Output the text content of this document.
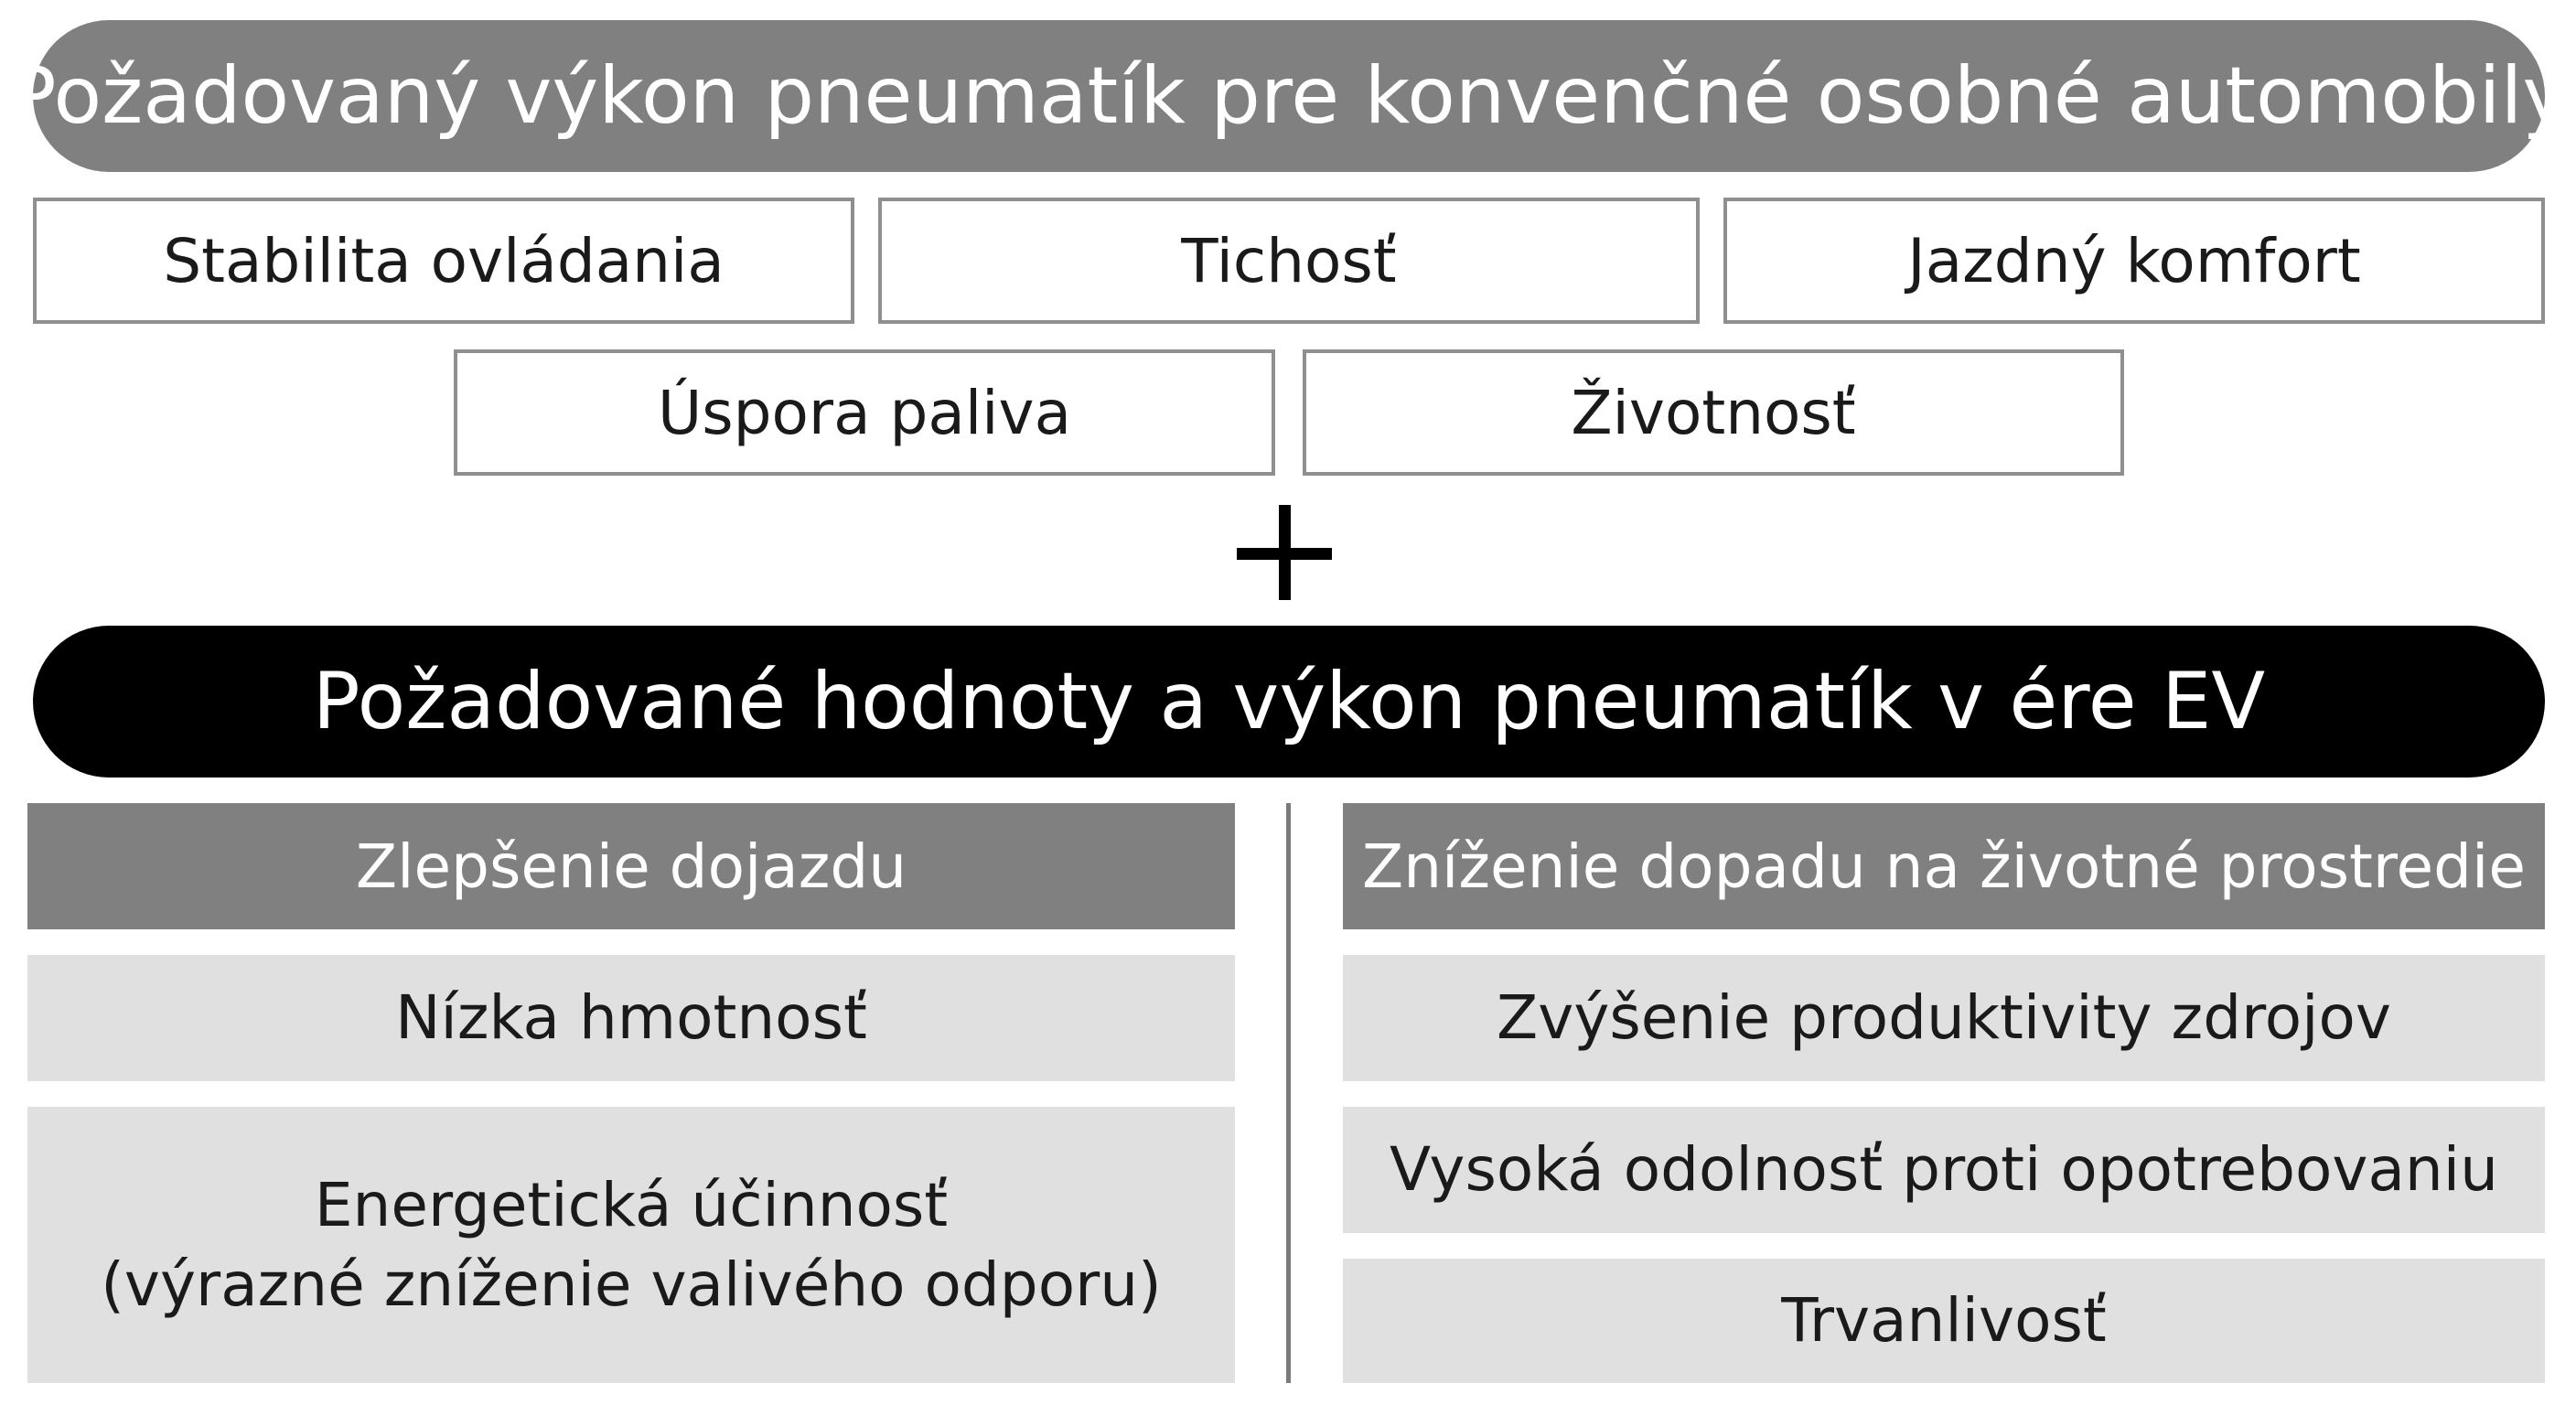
Požadovaný výkon pneumatík pre konvenčné osobné automobily
Stabilita ovládania	Tichosť	Jazdný komfort
Úspora paliva	Životnosť
Požadované hodnoty a výkon pneumatík v ére EV
Zlepšenie dojazdu
Nízka hmotnosť
Energetická účinnosť
(výrazné zníženie valivého odporu)
Zníženie dopadu na životné prostredie
Zvýšenie produktivity zdrojov
Vysoká odolnosť proti opotrebovaniu
Trvanlivosť
